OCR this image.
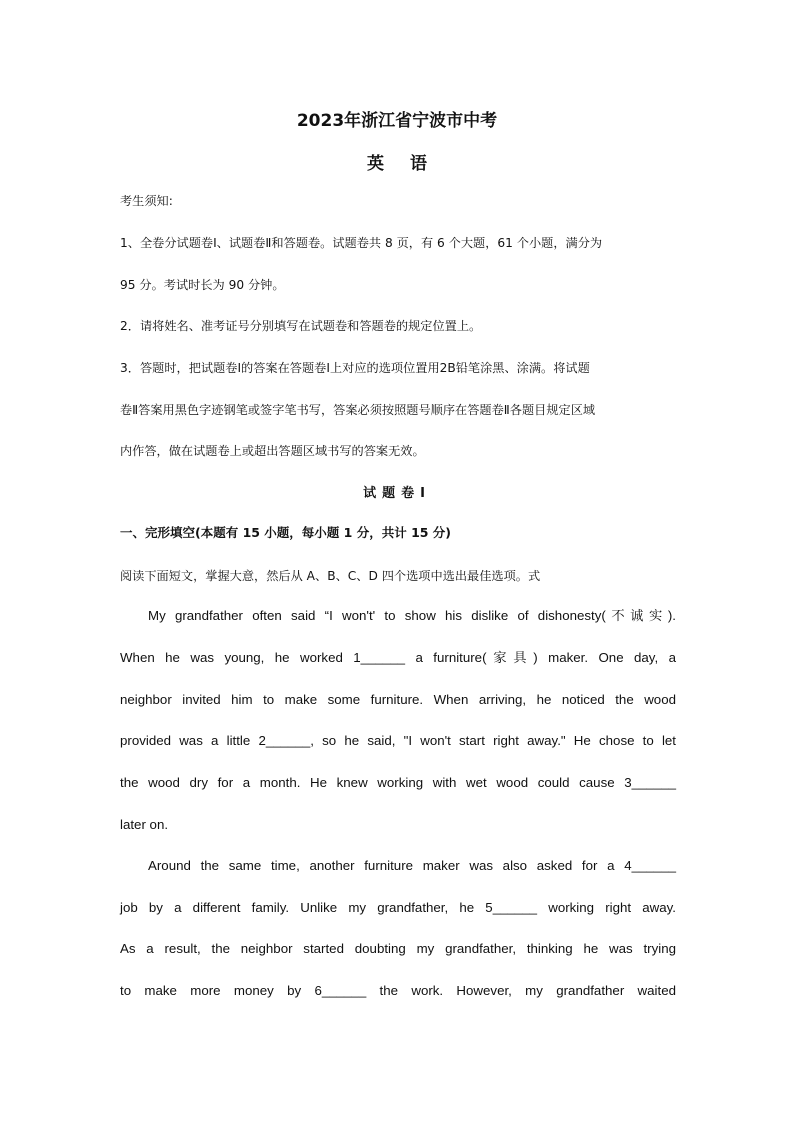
2023年浙江省宁波市中考
英语
考生须知:
1、全卷分试题卷Ⅰ、试题卷Ⅱ和答题卷。试题卷共 8 页，有 6 个大题，61 个小题，满分为
95 分。考试时长为 90 分钟。
2．请将姓名、准考证号分别填写在试题卷和答题卷的规定位置上。
3．答题时，把试题卷Ⅰ的答案在答题卷Ⅰ上对应的选项位置用2B铅笔涂黑、涂满。将试题
卷Ⅱ答案用黑色字迹钢笔或签字笔书写，答案必须按照题号顺序在答题卷Ⅱ各题目规定区域
内作答，做在试题卷上或超出答题区域书写的答案无效。
试题卷Ⅰ
一、完形填空(本题有 15 小题，每小题 1 分，共计 15 分)
阅读下面短文，掌握大意，然后从 A、B、C、D 四个选项中选出最佳选项。式
My grandfather often said “I won't' to show his dislike of dishonesty(不诚实).
When he was young, he worked 1______ a furniture(家具) maker. One day, a
neighbor invited him to make some furniture. When arriving, he noticed the wood
provided was a little 2______, so he said, "I won't start right away." He chose to let
the wood dry for a month. He knew working with wet wood could cause 3______
later on.
Around the same time, another furniture maker was also asked for a 4______
job by a different family. Unlike my grandfather, he 5______ working right away.
As a result, the neighbor started doubting my grandfather, thinking he was trying
to make more money by 6______ the work. However, my grandfather waited
